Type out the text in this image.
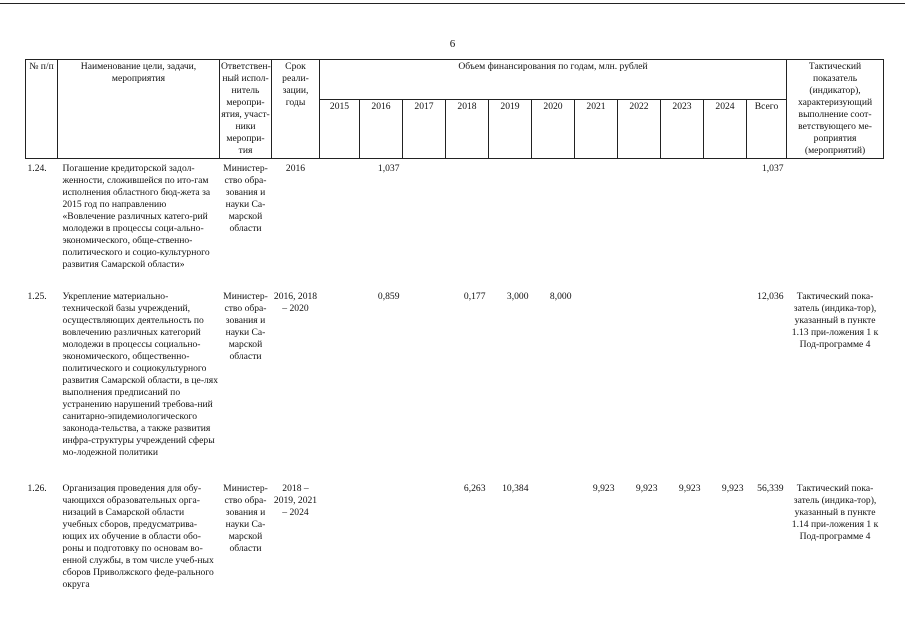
6
№ п/п	Наименование цели, задачи, мероприятия	Ответствен-ный испол-нитель меропри-ятия, участ-ники меропри-тия	Срок реали-зации, годы	Объем финансирования по годам, млн. рублей											Тактический показатель (индикатор), характеризующий выполнение соот-ветствующего ме-роприятия (мероприятий)
				2015	2016	2017	2018	2019	2020	2021	2022	2023	2024	Всего	
1.24.	Погашение кредиторской задол-женности, сложившейся по ито-гам исполнения областного бюд-жета за 2015 год по направлению «Вовлечение различных катего-рий молодежи в процессы соци-ально-экономического, обще-ственно-политического и социо-культурного развития Самарской области»	Министер-ство обра-зования и науки Са-марской области	2016		1,037									1,037	
1.25.	Укрепление материально-технической базы учреждений, осуществляющих деятельность по вовлечению различных категорий молодежи в процессы социально-экономического, общественно-политического и социокультурного развития Самарской области, в це-лях выполнения предписаний по устранению нарушений требова-ний санитарно-эпидемиологического законода-тельства, а также развития инфра-структуры учреждений сферы мо-лодежной политики	Министер-ство обра-зования и науки Са-марской области	2016, 2018 – 2020		0,859		0,177	3,000	8,000					12,036	Тактический пока-затель (индика-тор), указанный в пункте 1.13 при-ложения 1 к Под-программе 4
1.26.	Организация проведения для обу-чающихся образовательных орга-низаций в Самарской области учебных сборов, предусматрива-ющих их обучение в области обо-роны и подготовку по основам во-енной службы, в том числе учеб-ных сборов Приволжского феде-рального округа	Министер-ство обра-зования и науки Са-марской области	2018 – 2019, 2021 – 2024				6,263	10,384		9,923	9,923	9,923	9,923	56,339	Тактический пока-затель (индика-тор), указанный в пункте 1.14 при-ложения 1 к Под-программе 4
